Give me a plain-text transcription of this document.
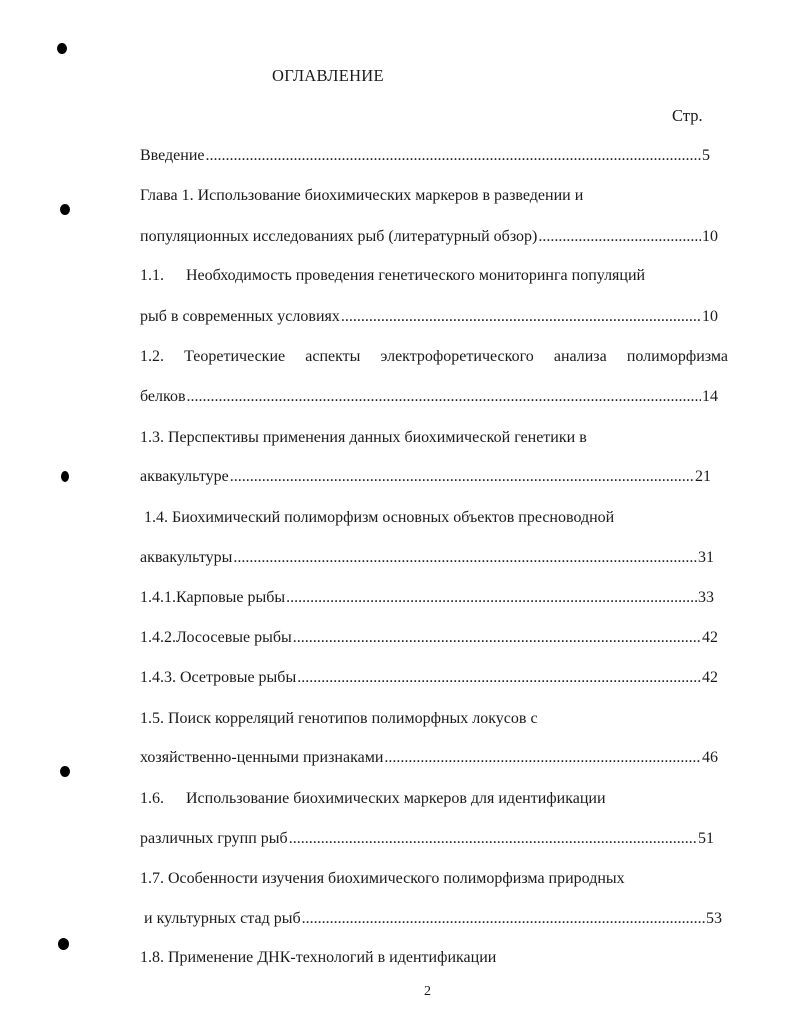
ОГЛАВЛЕНИЕ
Стр.
Введение .....	5
Глава 1. Использование биохимических маркеров в разведении и
популяционных исследованиях рыб (литературный обзор) .....	10
1.1. Необходимость проведения генетического мониторинга популяций
рыб в современных условиях .....	10
1.2. Теоретические аспекты электрофоретического анализа полиморфизма
белков .....	14
1.3. Перспективы применения данных биохимической генетики в
аквакультуре .....	21
1.4. Биохимический полиморфизм основных объектов пресноводной
аквакультуры .....	31
1.4.1.Карповые рыбы .....	33
1.4.2.Лососевые рыбы .....	42
1.4.3. Осетровые рыбы .....	42
1.5. Поиск корреляций генотипов полиморфных локусов с
хозяйственно-ценными признаками .....	46
1.6. Использование биохимических маркеров для идентификации
различных групп рыб .....	51
1.7. Особенности изучения биохимического полиморфизма природных
и культурных стад рыб .....	53
1.8. Применение ДНК-технологий в идентификации
2
